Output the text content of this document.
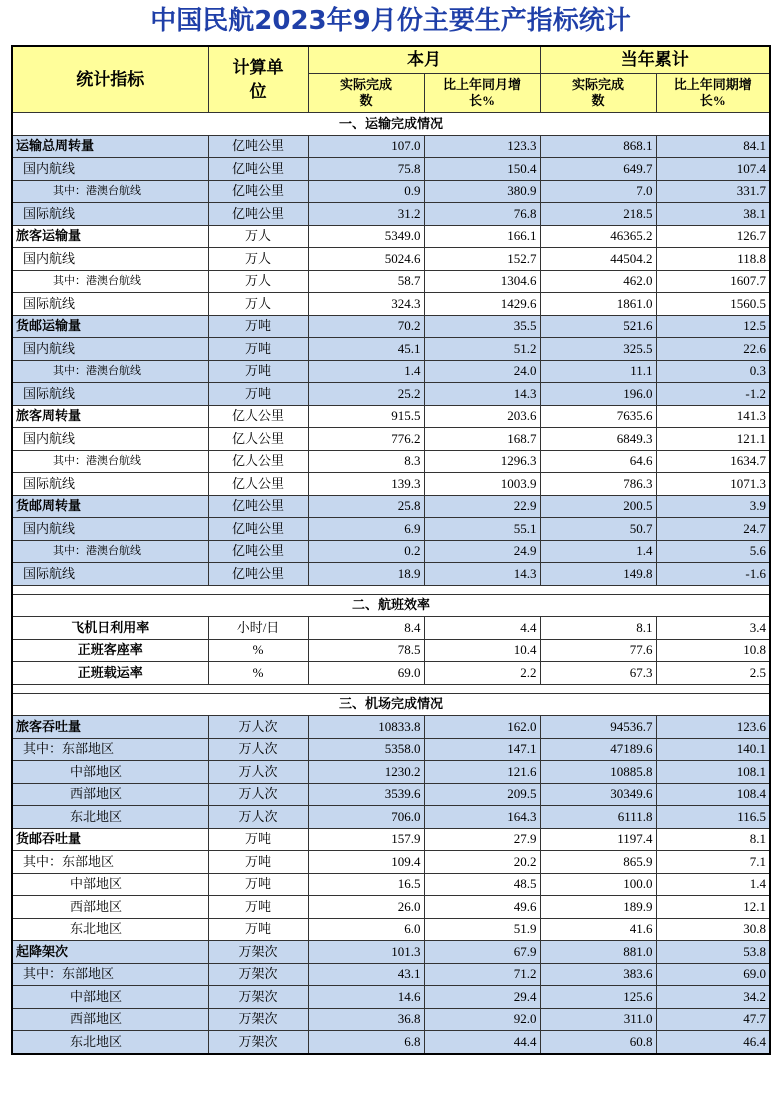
中国民航2023年9月份主要生产指标统计
统计指标	计算单位	本月		当年累计	
		实际完成数	比上年同月增长%	实际完成数	比上年同期增长%
一、运输完成情况					
运输总周转量	亿吨公里	107.0	123.3	868.1	84.1
国内航线	亿吨公里	75.8	150.4	649.7	107.4
其中：港澳台航线	亿吨公里	0.9	380.9	7.0	331.7
国际航线	亿吨公里	31.2	76.8	218.5	38.1
旅客运输量	万人	5349.0	166.1	46365.2	126.7
国内航线	万人	5024.6	152.7	44504.2	118.8
其中：港澳台航线	万人	58.7	1304.6	462.0	1607.7
国际航线	万人	324.3	1429.6	1861.0	1560.5
货邮运输量	万吨	70.2	35.5	521.6	12.5
国内航线	万吨	45.1	51.2	325.5	22.6
其中：港澳台航线	万吨	1.4	24.0	11.1	0.3
国际航线	万吨	25.2	14.3	196.0	-1.2
旅客周转量	亿人公里	915.5	203.6	7635.6	141.3
国内航线	亿人公里	776.2	168.7	6849.3	121.1
其中：港澳台航线	亿人公里	8.3	1296.3	64.6	1634.7
国际航线	亿人公里	139.3	1003.9	786.3	1071.3
货邮周转量	亿吨公里	25.8	22.9	200.5	3.9
国内航线	亿吨公里	6.9	55.1	50.7	24.7
其中：港澳台航线	亿吨公里	0.2	24.9	1.4	5.6
国际航线	亿吨公里	18.9	14.3	149.8	-1.6

二、航班效率					
飞机日利用率	小时/日	8.4	4.4	8.1	3.4
正班客座率	%	78.5	10.4	77.6	10.8
正班载运率	%	69.0	2.2	67.3	2.5

三、机场完成情况					
旅客吞吐量	万人次	10833.8	162.0	94536.7	123.6
其中：东部地区	万人次	5358.0	147.1	47189.6	140.1
中部地区	万人次	1230.2	121.6	10885.8	108.1
西部地区	万人次	3539.6	209.5	30349.6	108.4
东北地区	万人次	706.0	164.3	6111.8	116.5
货邮吞吐量	万吨	157.9	27.9	1197.4	8.1
其中：东部地区	万吨	109.4	20.2	865.9	7.1
中部地区	万吨	16.5	48.5	100.0	1.4
西部地区	万吨	26.0	49.6	189.9	12.1
东北地区	万吨	6.0	51.9	41.6	30.8
起降架次	万架次	101.3	67.9	881.0	53.8
其中：东部地区	万架次	43.1	71.2	383.6	69.0
中部地区	万架次	14.6	29.4	125.6	34.2
西部地区	万架次	36.8	92.0	311.0	47.7
东北地区	万架次	6.8	44.4	60.8	46.4
